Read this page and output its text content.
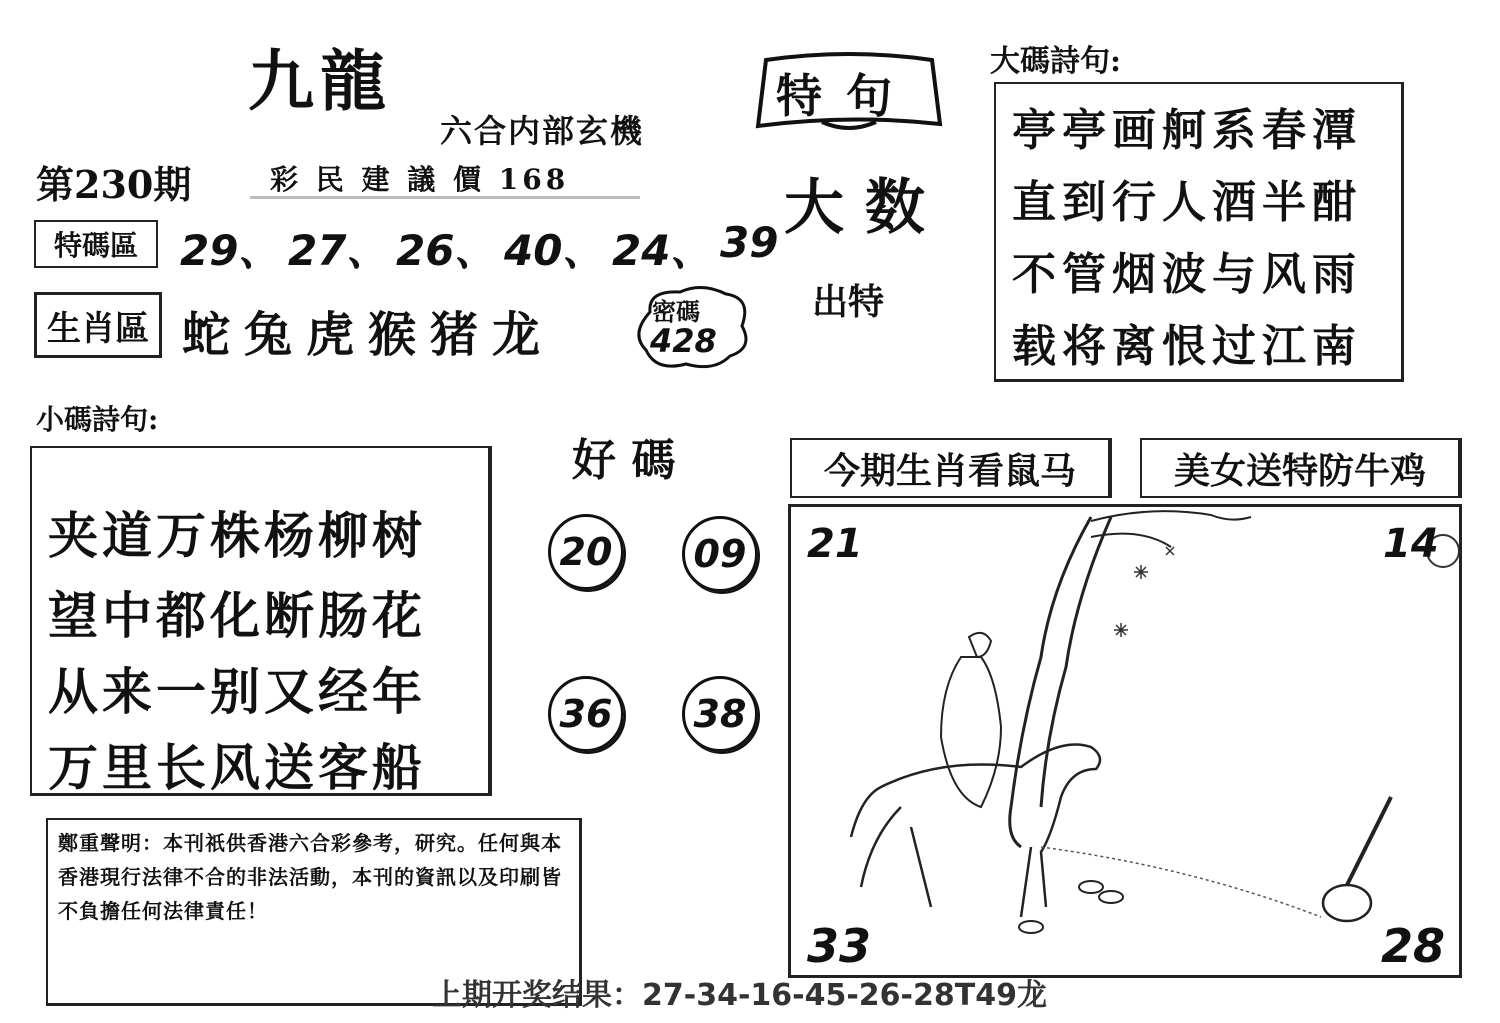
九龍
六合内部玄機
第230期	彩 民 建 議 價 168
特 句
大 数
出特
特碼區 29、 27、 26、 40、 24、 39
生肖區 蛇兔虎猴猪龙	密碼
428
大碼詩句:
亭亭画舸系春潭
直到行人酒半酣
不管烟波与风雨
载将离恨过江南
小碼詩句:
夹道万株杨柳树
望中都化断肠花
从来一别又经年
万里长风送客船
好 碼
20	09
36	38
今期生肖看鼠马	美女送特防牛鸡
21	14
33	28
鄭重聲明：本刊祇供香港六合彩參考，研究。任何與本香港現行法律不合的非法活動，本刊的資訊以及印刷皆不負擔任何法律責任！
上期开奖结果：27-34-16-45-26-28T49龙
